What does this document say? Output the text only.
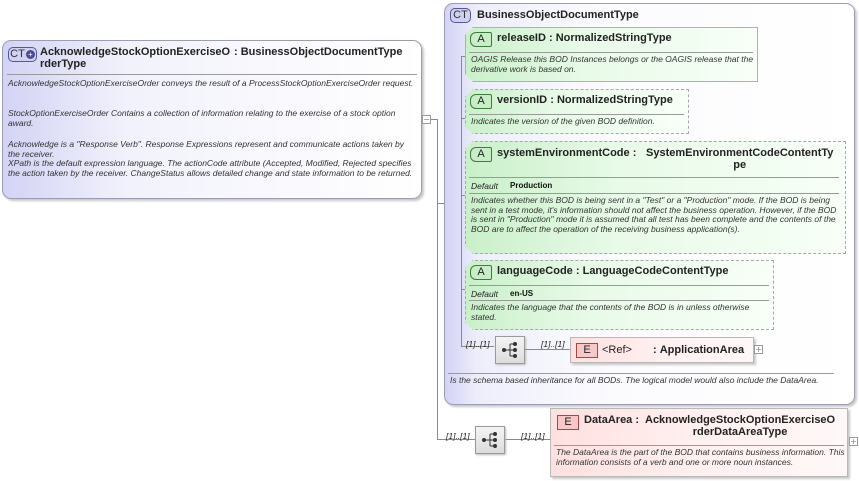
CT + AcknowledgeStockOptionExerciseO
rderType
: BusinessObjectDocumentType
AcknowledgeStockOptionExerciseOrder conveys the result of a ProcessStockOptionExerciseOrder request.
StockOptionExerciseOrder Contains a collection of information relating to the exercise of a stock option award.
Acknowledge is a "Response Verb". Response Expressions represent and communicate actions taken by the receiver.
XPath is the default expression language. The actionCode attribute (Accepted, Modified, Rejected specifies the action taken by the receiver. ChangeStatus allows detailed change and state information to be returned.
−
CT BusinessObjectDocumentType
A	releaseID : NormalizedStringType
OAGIS Release this BOD Instances belongs or the OAGIS release that the derivative work is based on.
A	versionID : NormalizedStringType
Indicates the version of the given BOD definition.
A	systemEnvironmentCode : SystemEnvironmentCodeContentTy
pe
Default Production
Indicates whether this BOD is being sent in a "Test" or a "Production" mode. If the BOD is being sent in a test mode, it's information should not affect the business operation. However, if the BOD is sent in "Production" mode it is assumed that all test has been complete and the contents of the BOD are to affect the operation of the receiving business application(s).
A	languageCode : LanguageCodeContentType
Default en-US
Indicates the language that the contents of the BOD is in unless otherwise stated.
[1]..[1]	[1]..[1]	E	<Ref> : ApplicationArea +
Is the schema based inheritance for all BODs. The logical model would also include the DataArea.
[1]..[1]	[1]..[1]
E	DataArea : AcknowledgeStockOptionExerciseO
rderDataAreaType
The DataArea is the part of the BOD that contains business information. This information consists of a verb and one or more noun instances.
+
